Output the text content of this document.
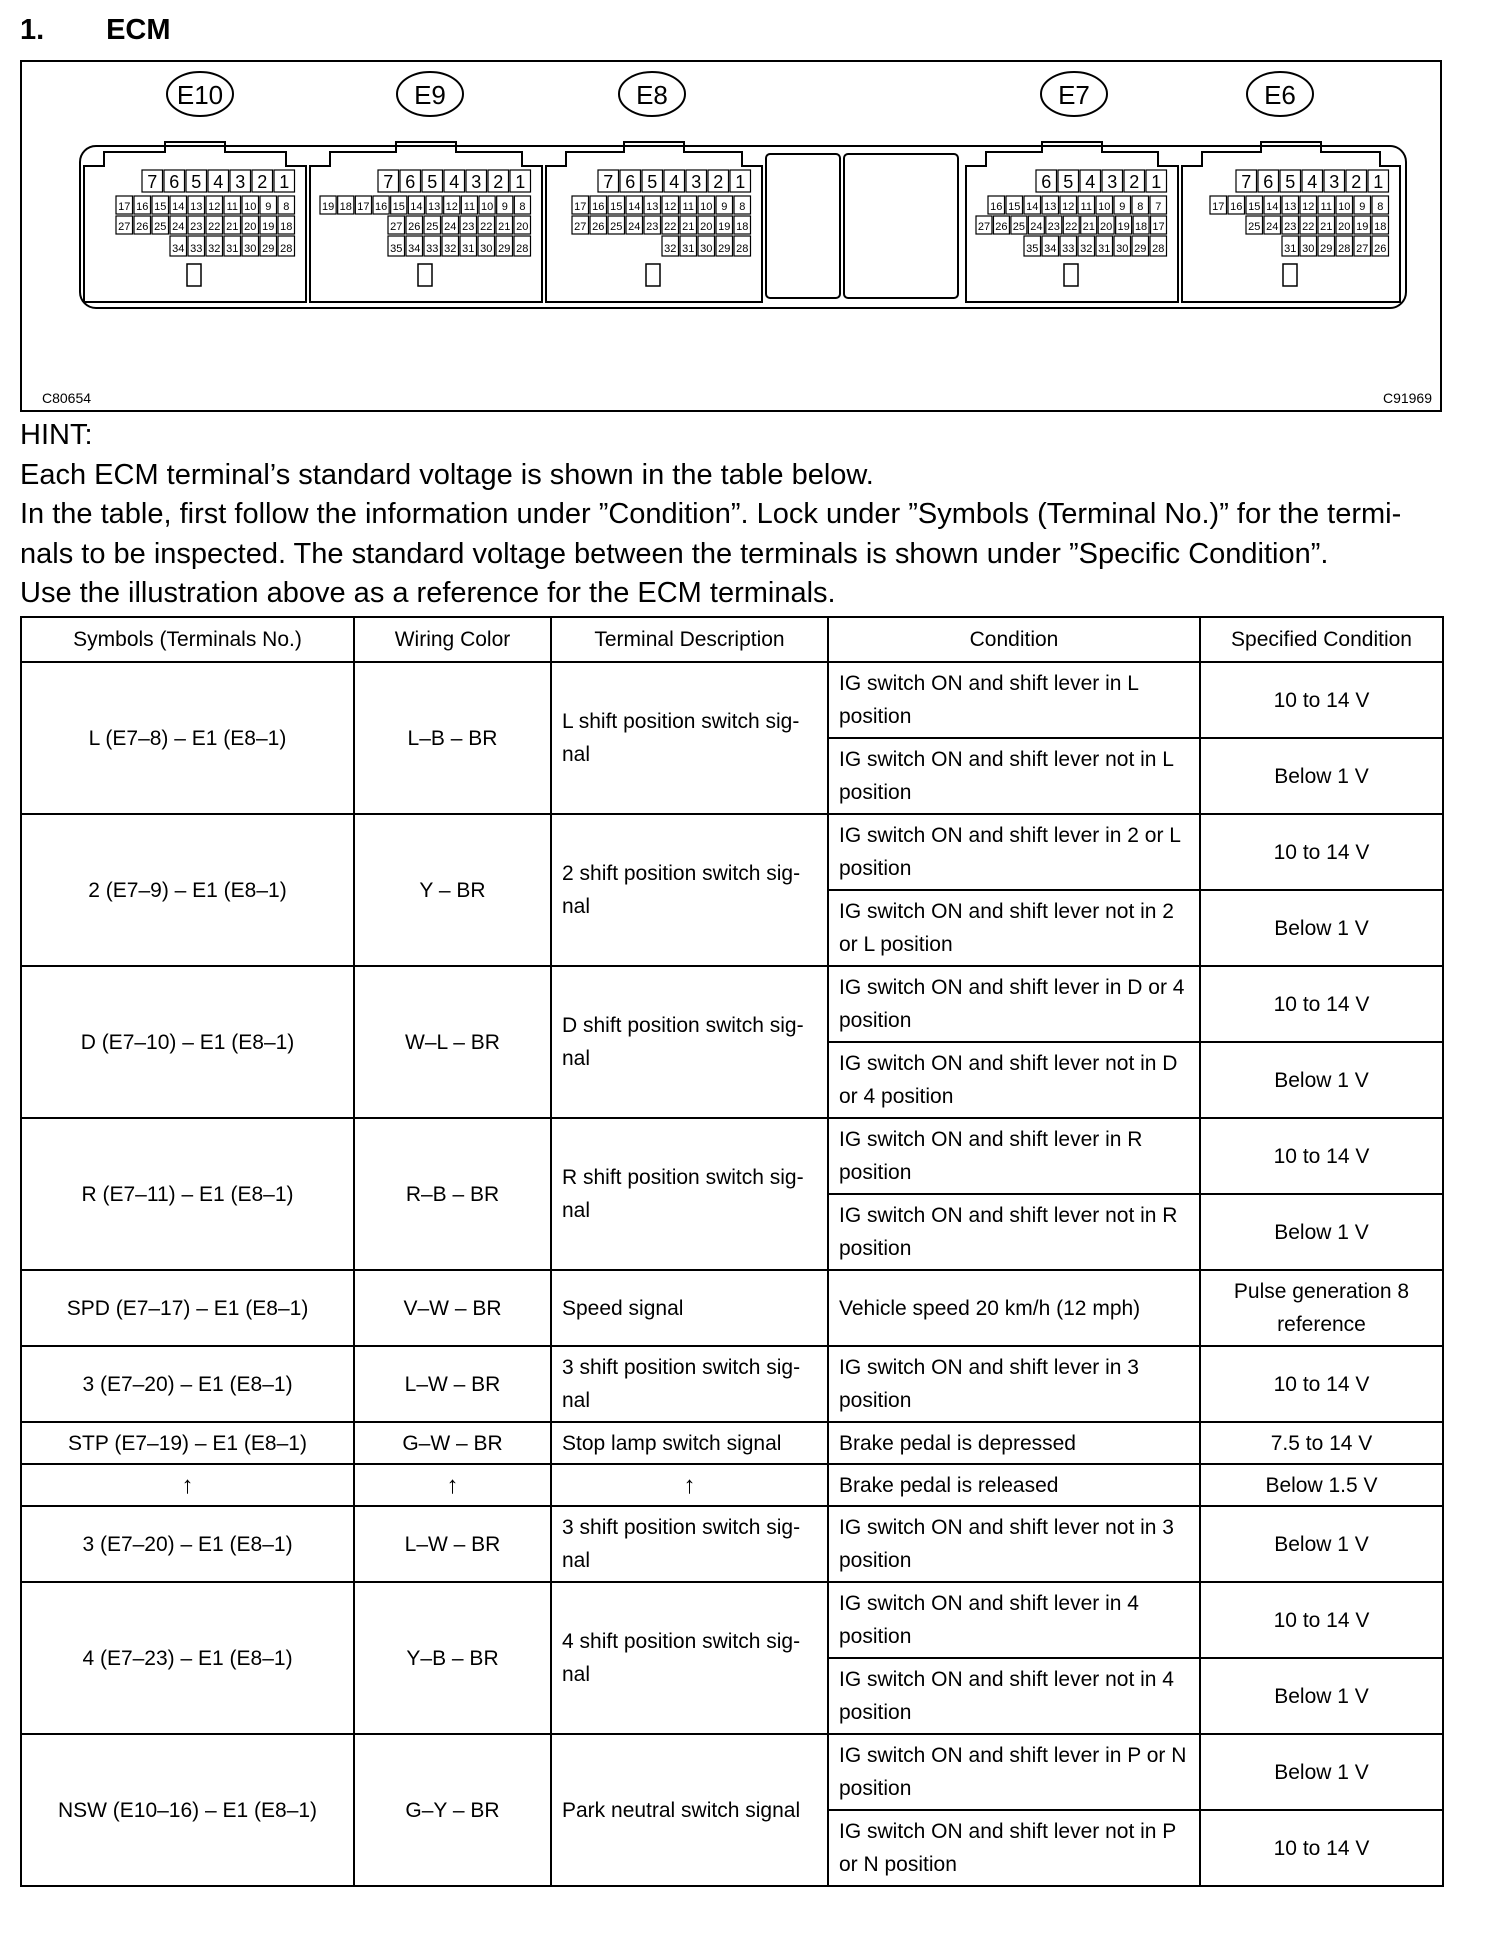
1. ECM
E10
7 6 5 4 3 2 1
17 16 15 14 13 12 11 10 9 8
27 26 25 24 23 22 21 20 19 18
34 33 32 31 30 29 28
E9
7 6 5 4 3 2 1
19 18 17 16 15 14 13 12 11 10 9 8
27 26 25 24 23 22 21 20
35 34 33 32 31 30 29 28
E8
7 6 5 4 3 2 1
17 16 15 14 13 12 11 10 9 8
27 26 25 24 23 22 21 20 19 18
32 31 30 29 28
E7
6 5 4 3 2 1
16 15 14 13 12 11 10 9 8 7
27 26 25 24 23 22 21 20 19 18 17
35 34 33 32 31 30 29 28
E6
7 6 5 4 3 2 1
17 16 15 14 13 12 11 10 9 8
25 24 23 22 21 20 19 18
31 30 29 28 27 26
C80654	C91969

HINT:

Each ECM terminal’s standard voltage is shown in the table below.

In the table, first follow the information under ”Condition”. Lock under ”Symbols (Terminal No.)” for the termi-

nals to be inspected. The standard voltage between the terminals is shown under ”Specific Condition”.

Use the illustration above as a reference for the ECM terminals.

Symbols (Terminals No.)	Wiring Color	Terminal Description	Condition	Specified Condition
L (E7–8) – E1 (E8–1)	L–B – BR	L shift position switch sig-
nal	IG switch ON and shift lever in L position	10 to 14 V
			IG switch ON and shift lever not in L position	Below 1 V
2 (E7–9) – E1 (E8–1)	Y – BR	2 shift position switch sig-
nal	IG switch ON and shift lever in 2 or L position	10 to 14 V
			IG switch ON and shift lever not in 2 or L position	Below 1 V
D (E7–10) – E1 (E8–1)	W–L – BR	D shift position switch sig-
nal	IG switch ON and shift lever in D or 4 position	10 to 14 V
			IG switch ON and shift lever not in D or 4 position	Below 1 V
R (E7–11) – E1 (E8–1)	R–B – BR	R shift position switch sig-
nal	IG switch ON and shift lever in R position	10 to 14 V
			IG switch ON and shift lever not in R position	Below 1 V
SPD (E7–17) – E1 (E8–1)	V–W – BR	Speed signal	Vehicle speed 20 km/h (12 mph)	Pulse generation 8 reference
3 (E7–20) – E1 (E8–1)	L–W – BR	3 shift position switch sig-
nal	IG switch ON and shift lever in 3 position	10 to 14 V
STP (E7–19) – E1 (E8–1)	G–W – BR	Stop lamp switch signal	Brake pedal is depressed	7.5 to 14 V
↑	↑	↑	Brake pedal is released	Below 1.5 V
3 (E7–20) – E1 (E8–1)	L–W – BR	3 shift position switch sig-
nal	IG switch ON and shift lever not in 3 position	Below 1 V
4 (E7–23) – E1 (E8–1)	Y–B – BR	4 shift position switch sig-
nal	IG switch ON and shift lever in 4 position	10 to 14 V
			IG switch ON and shift lever not in 4 position	Below 1 V
NSW (E10–16) – E1 (E8–1)	G–Y – BR	Park neutral switch signal	IG switch ON and shift lever in P or N position	Below 1 V
			IG switch ON and shift lever not in P or N position	10 to 14 V
